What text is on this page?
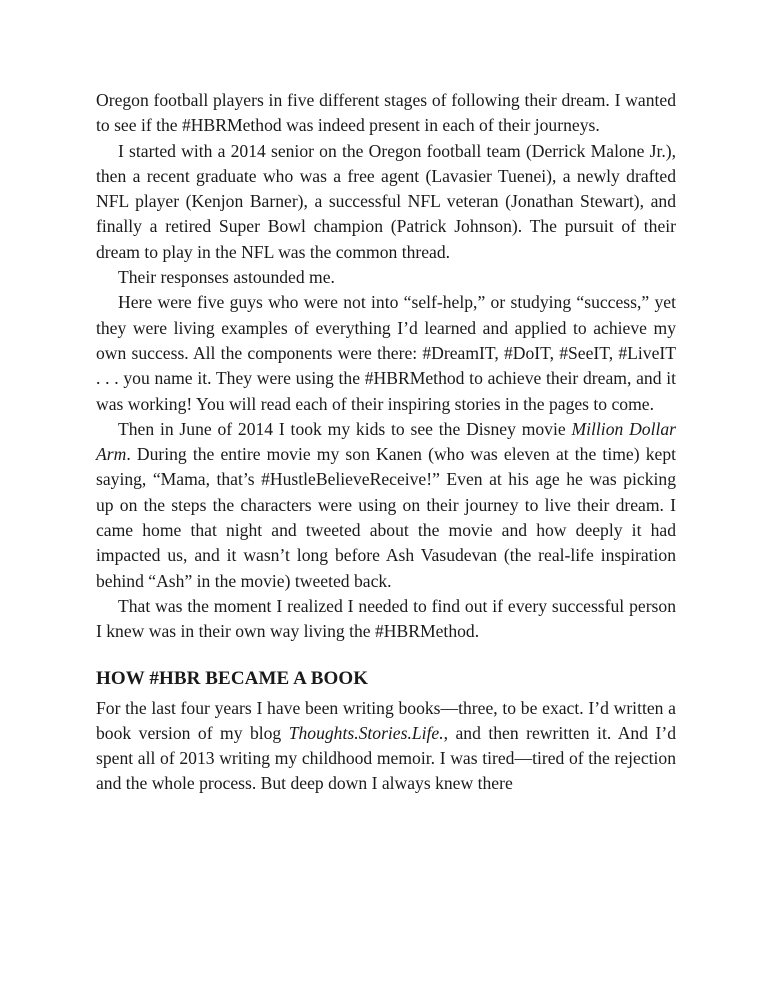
Oregon football players in five different stages of following their dream. I wanted to see if the #HBRMethod was indeed present in each of their journeys.

I started with a 2014 senior on the Oregon football team (Derrick Malone Jr.), then a recent graduate who was a free agent (Lavasier Tuenei), a newly drafted NFL player (Kenjon Barner), a successful NFL veteran (Jonathan Stewart), and finally a retired Super Bowl champion (Patrick Johnson). The pursuit of their dream to play in the NFL was the common thread.

Their responses astounded me.

Here were five guys who were not into “self-help,” or studying “success,” yet they were living examples of everything I’d learned and applied to achieve my own success. All the components were there: #DreamIT, #DoIT, #SeeIT, #LiveIT . . . you name it. They were using the #HBRMethod to achieve their dream, and it was working! You will read each of their inspiring stories in the pages to come.

Then in June of 2014 I took my kids to see the Disney movie Million Dollar Arm. During the entire movie my son Kanen (who was eleven at the time) kept saying, “Mama, that’s #HustleBelieveReceive!” Even at his age he was picking up on the steps the characters were using on their journey to live their dream. I came home that night and tweeted about the movie and how deeply it had impacted us, and it wasn’t long before Ash Vasudevan (the real-life inspiration behind “Ash” in the movie) tweeted back.

That was the moment I realized I needed to find out if every successful person I knew was in their own way living the #HBRMethod.

HOW #HBR BECAME A BOOK

For the last four years I have been writing books—three, to be exact. I’d written a book version of my blog Thoughts.Stories.Life., and then rewritten it. And I’d spent all of 2013 writing my childhood memoir. I was tired—tired of the rejection and the whole process. But deep down I always knew there
